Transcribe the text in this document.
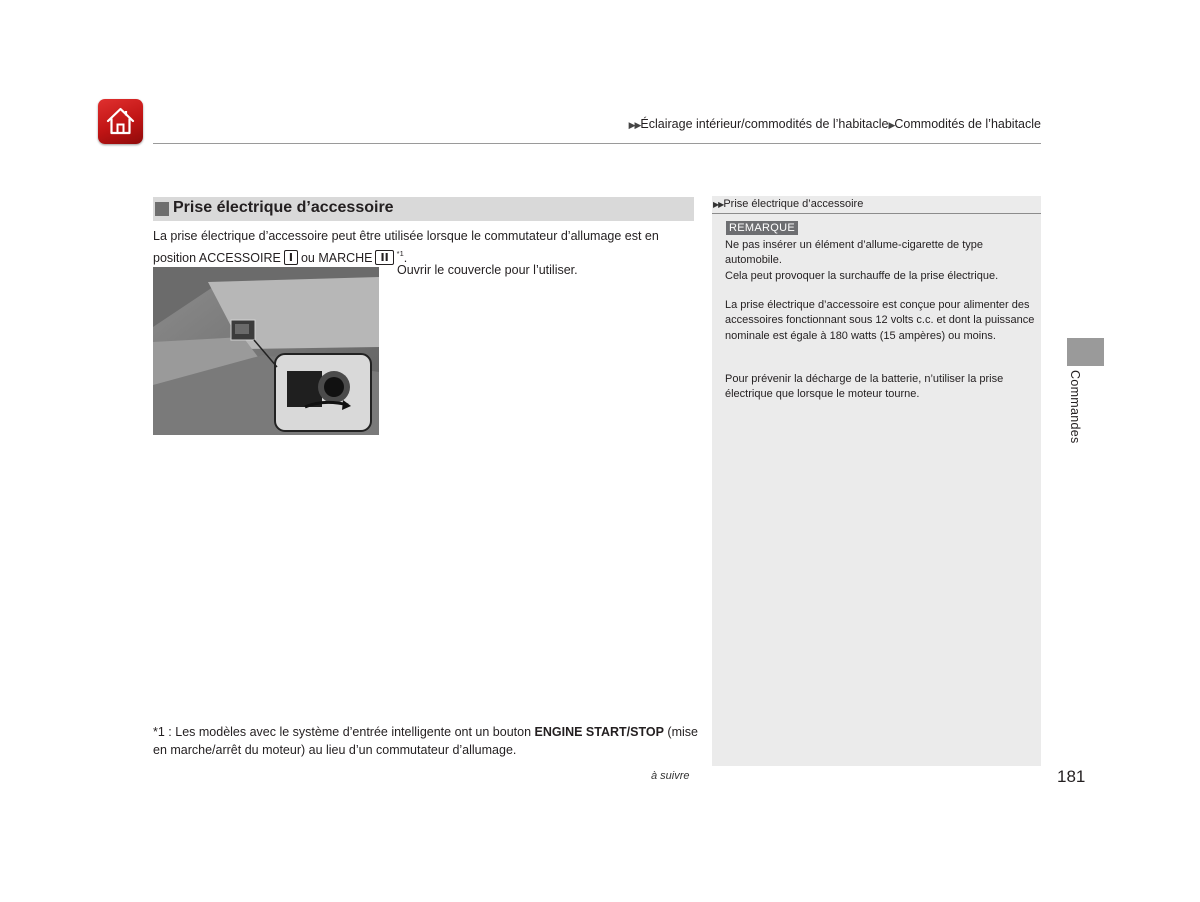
▶▶Éclairage intérieur/commodités de l’habitacle▶Commodités de l’habitacle
Prise électrique d’accessoire
La prise électrique d’accessoire peut être utilisée lorsque le commutateur d’allumage est en position ACCESSOIRE I ou MARCHE II $^{*1}$.
Ouvrir le couvercle pour l’utiliser.
*1 : Les modèles avec le système d’entrée intelligente ont un bouton ENGINE START/STOP (mise en marche/arrêt du moteur) au lieu d’un commutateur d’allumage.
à suivre
▶▶Prise électrique d’accessoire
REMARQUE
Ne pas insérer un élément d’allume-cigarette de type automobile.
Cela peut provoquer la surchauffe de la prise électrique.
La prise électrique d’accessoire est conçue pour alimenter des accessoires fonctionnant sous 12 volts c.c. et dont la puissance nominale est égale à 180 watts (15 ampères) ou moins.
Pour prévenir la décharge de la batterie, n’utiliser la prise électrique que lorsque le moteur tourne.	Commandes
181
